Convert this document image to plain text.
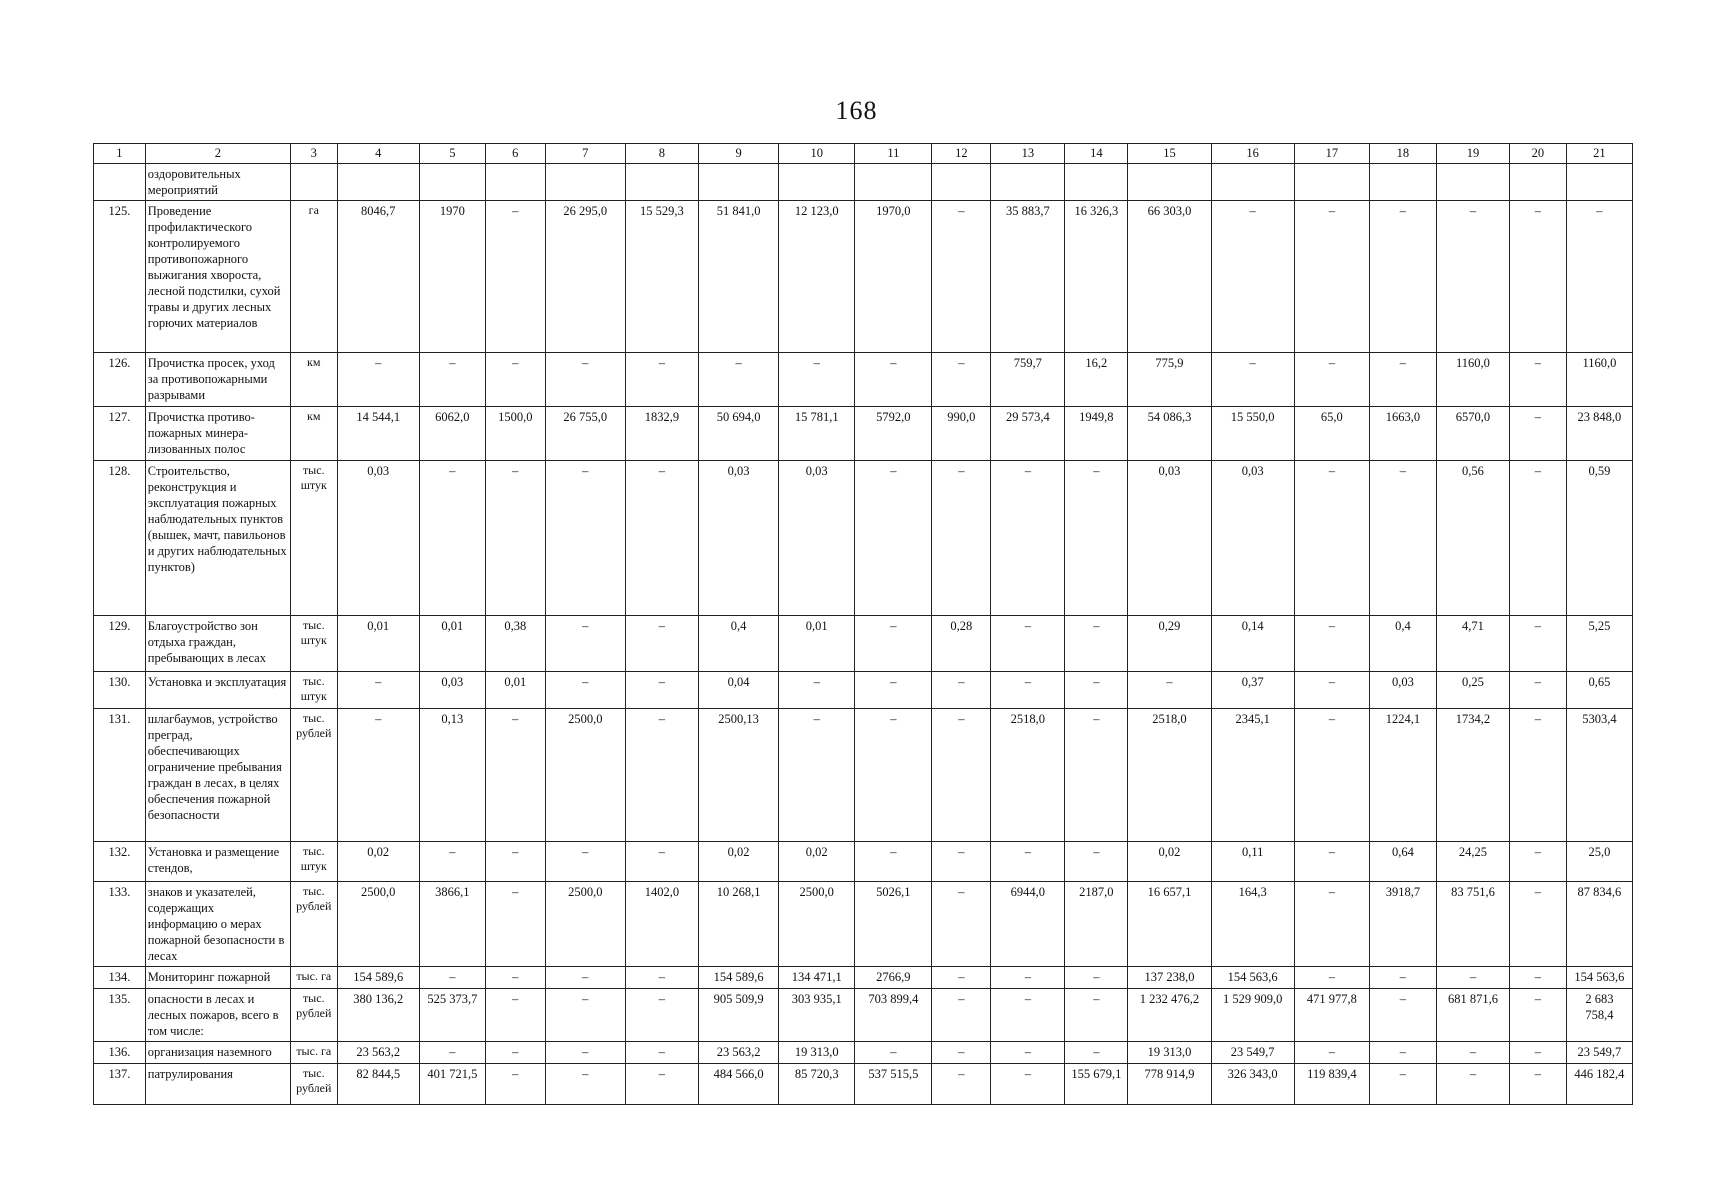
168
1	2	3	4	5	6	7	8	9	10	11	12	13	14	15	16	17	18	19	20	21
	оздоровительных мероприятий																			
125.	Проведение профилактического контролируемого противопожарного выжигания хвороста, лесной подстилки, сухой травы и других лесных горючих материалов	га	8046,7	1970	–	26 295,0	15 529,3	51 841,0	12 123,0	1970,0	–	35 883,7	16 326,3	66 303,0	–	–	–	–	–	–
126.	Прочистка просек, уход за противопожарными разрывами	км	–	–	–	–	–	–	–	–	–	759,7	16,2	775,9	–	–	–	1160,0	–	1160,0
127.	Прочистка противо-пожарных минера-лизованных полос	км	14 544,1	6062,0	1500,0	26 755,0	1832,9	50 694,0	15 781,1	5792,0	990,0	29 573,4	1949,8	54 086,3	15 550,0	65,0	1663,0	6570,0	–	23 848,0
128.	Строительство, реконструкция и эксплуатация пожарных наблюдательных пунктов (вышек, мачт, павильонов и других наблюдательных пунктов)	тыс. штук	0,03	–	–	–	–	0,03	0,03	–	–	–	–	0,03	0,03	–	–	0,56	–	0,59
129.	Благоустройство зон отдыха граждан, пребывающих в лесах	тыс. штук	0,01	0,01	0,38	–	–	0,4	0,01	–	0,28	–	–	0,29	0,14	–	0,4	4,71	–	5,25
130.	Установка и эксплуатация	тыс. штук	–	0,03	0,01	–	–	0,04	–	–	–	–	–	–	0,37	–	0,03	0,25	–	0,65
131.	шлагбаумов, устройство преград, обеспечивающих ограничение пребывания граждан в лесах, в целях обеспечения пожарной безопасности	тыс. рублей	–	0,13	–	2500,0	–	2500,13	–	–	–	2518,0	–	2518,0	2345,1	–	1224,1	1734,2	–	5303,4
132.	Установка и размещение стендов,	тыс. штук	0,02	–	–	–	–	0,02	0,02	–	–	–	–	0,02	0,11	–	0,64	24,25	–	25,0
133.	знаков и указателей, содержащих информацию о мерах пожарной безопасности в лесах	тыс. рублей	2500,0	3866,1	–	2500,0	1402,0	10 268,1	2500,0	5026,1	–	6944,0	2187,0	16 657,1	164,3	–	3918,7	83 751,6	–	87 834,6
134.	Мониторинг пожарной	тыс. га	154 589,6	–	–	–	–	154 589,6	134 471,1	2766,9	–	–	–	137 238,0	154 563,6	–	–	–	–	154 563,6
135.	опасности в лесах и лесных пожаров, всего в том числе:	тыс. рублей	380 136,2	525 373,7	–	–	–	905 509,9	303 935,1	703 899,4	–	–	–	1 232 476,2	1 529 909,0	471 977,8	–	681 871,6	–	2 683 758,4
136.	организация наземного	тыс. га	23 563,2	–	–	–	–	23 563,2	19 313,0	–	–	–	–	19 313,0	23 549,7	–	–	–	–	23 549,7
137.	патрулирования	тыс. рублей	82 844,5	401 721,5	–	–	–	484 566,0	85 720,3	537 515,5	–	–	155 679,1	778 914,9	326 343,0	119 839,4	–	–	–	446 182,4
